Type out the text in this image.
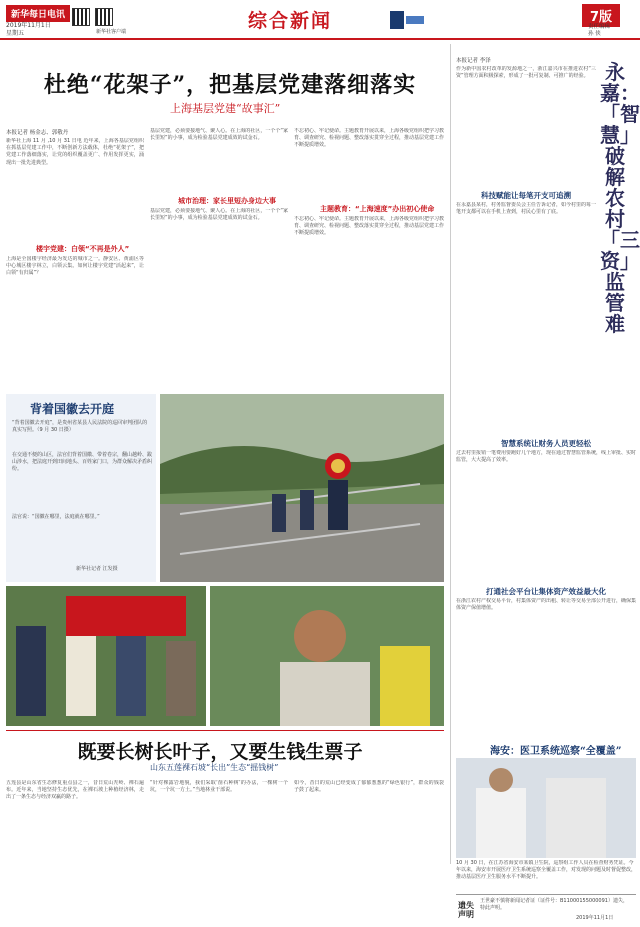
新华每日电讯
2019年11月1日
星期五	新华社客户端	综合新闻	7版
责任编辑
孙 侠
杜绝“花架子”，把基层党建落细落实
上海基层党建“故事汇”
本报记者 杨金志、郭敬丹
新华社上海 11 月 ,10 月 31 日电 近年来，上海各基层党组织在抓基层党建工作中，不断创新方法载体，杜绝“花架子”，把党建工作落细落实，让党的组织覆盖更广、作用发挥更实，涌现出一批先进典型。
楼宇党建：白领“不再是外人”
上海是全国楼宇经济最为发达的城市之一。静安区、黄浦区等中心城区楼宇林立，白领云集。如何让楼宇党建“活起来”，让白领“有归属”？
基层党建，必须要接地气、聚人心。在上海的社区，一个个“家长里短”的小事，成为检验基层党建成效的试金石。
城市治理：家长里短办身边大事
基层党建，必须要接地气、聚人心。在上海的社区，一个个“家长里短”的小事，成为检验基层党建成效的试金石。
不忘初心、牢记使命。主题教育开展以来，上海各级党组织把学习教育、调查研究、检视问题、整改落实贯穿全过程，推动基层党建工作不断提质增效。
主题教育：“上海速度”办出初心使命
不忘初心、牢记使命。主题教育开展以来，上海各级党组织把学习教育、调查研究、检视问题、整改落实贯穿全过程，推动基层党建工作不断提质增效。
背着国徽去开庭
“背着国徽去开庭”，是贵州省某县人民法院的巡回审判团队的真实写照。（9 月 30 日摄）
在交通不便的山区，法官们背着国徽、带着卷宗，翻山越岭、跋山涉水，把法庭开到田间地头、百姓家门口，为群众解决矛盾纠纷。
法官说：“国徽在哪里，法庭就在哪里。”
新华社记者 江发摄
既要长树长叶子，又要生钱生票子
山东五莲裸石坡“长出”生态“摇钱树”
五莲县是山东省生态修复重点县之一，昔日荒山秃岭、裸石遍布。近年来，当地坚持生态优先，在裸石坡上种植经济林，走出了一条生态与经济双赢的路子。
“针对裸露岩地貌，我们采取‘凿石种树’的办法，一棵树一个坑，一个坑一方土。”当地林业干部说。
如今，昔日的荒山已经变成了郁郁葱葱的“绿色银行”，群众的钱袋子鼓了起来。
本报记者 李泽
作为新中国农村改革的发源地之一，浙江嘉兴市在推进农村“三资”管理方面积极探索，形成了一批可复制、可推广的经验。
科技赋能让每笔开支可追溯
在永嘉县某村，村务监督委员会主任告诉记者，如今村里的每一笔开支都可以在手机上查到，村民心里有了底。
智慧系统让财务人员更轻松
过去村里报销一笔费用要跑好几个地方，现在通过智慧监管系统，线上审批、实时监管，大大提高了效率。
打通社会平台让集体资产效益最大化
在浙江农村产权交易平台，村集体资产的出租、转让等交易全部公开进行，确保集体资产保值增值。
永嘉：「智慧」破解农村「三资」监管难
海安：医卫系统巡察“全覆盖”
10 月 30 日，在江苏省海安市某镇卫生院，巡察组工作人员在检查财务凭证。今年以来，海安市开展医疗卫生系统巡察全覆盖工作，对发现的问题及时督促整改，推动基层医疗卫生服务水平不断提升。
遗失声明
王世豪不慎将新闻记者证（证件号：B11000155000091）遗失，特此声明。
2019年11月1日
